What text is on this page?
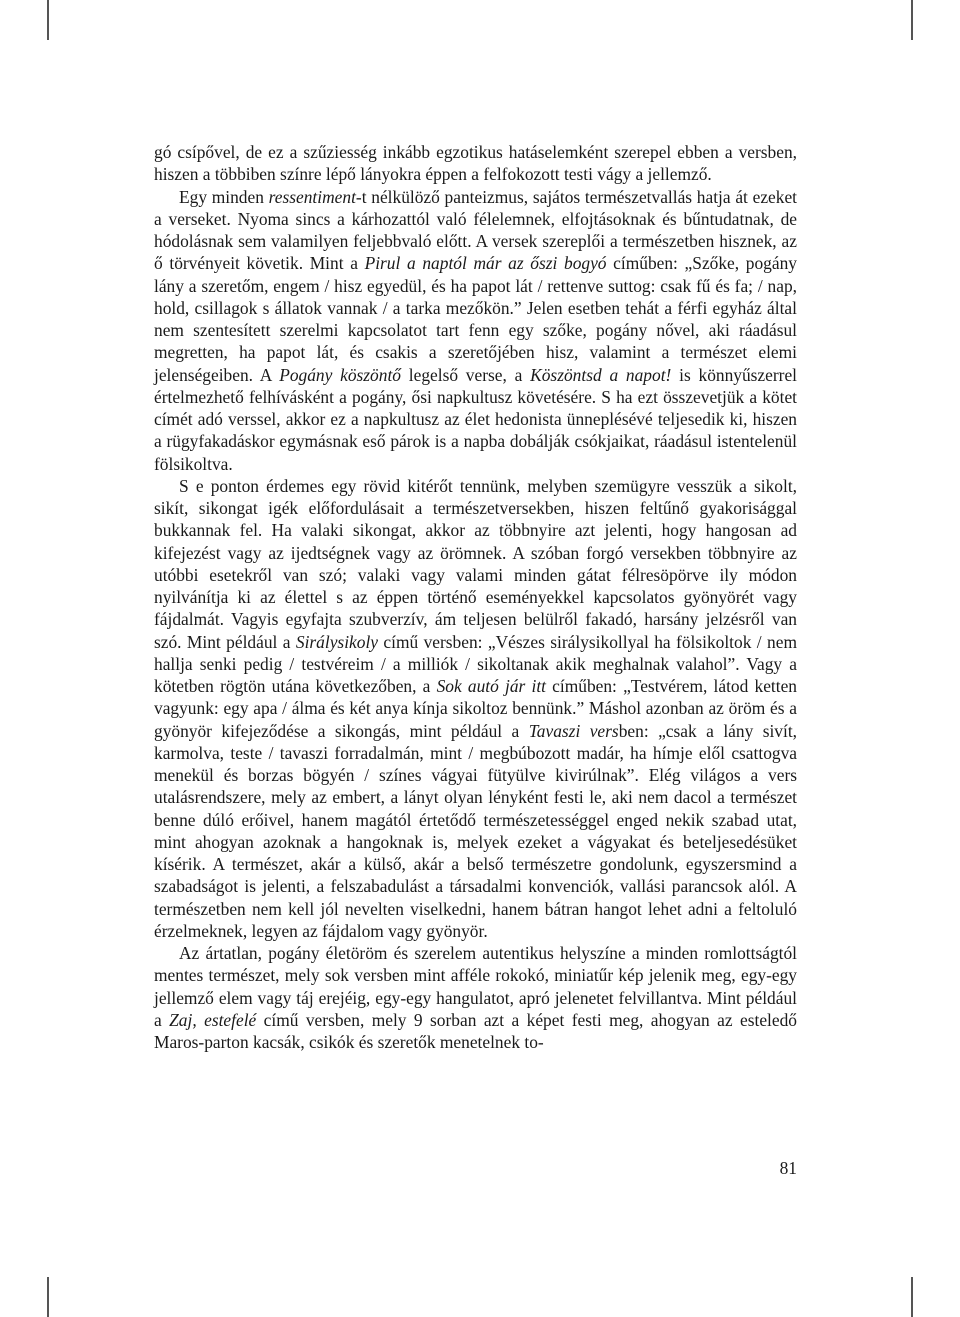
gó csípővel, de ez a szűziesség inkább egzotikus hatáselemként szerepel ebben a versben, hiszen a többiben színre lépő lányokra éppen a felfokozott testi vágy a jellemző.

Egy minden ressentiment-t nélkülöző panteizmus, sajátos természetvallás hatja át ezeket a verseket. Nyoma sincs a kárhozattól való félelemnek, elfojtásoknak és bűntudatnak, de hódolásnak sem valamilyen feljebbvaló előtt. A versek szereplői a természetben hisznek, az ő törvényeit követik. Mint a Pirul a naptól már az őszi bogyó címűben: „Szőke, pogány lány a szeretőm, engem / hisz egyedül, és ha papot lát / rettenve suttog: csak fű és fa; / nap, hold, csillagok s állatok vannak / a tarka mezőkön.” Jelen esetben tehát a férfi egyház által nem szentesített szerelmi kapcsolatot tart fenn egy szőke, pogány nővel, aki ráadásul megretten, ha papot lát, és csakis a szeretőjében hisz, valamint a természet elemi jelenségeiben. A Pogány köszöntő legelső verse, a Köszöntsd a napot! is könnyűszerrel értelmezhető felhívásként a pogány, ősi napkultusz követésére. S ha ezt összevetjük a kötet címét adó verssel, akkor ez a napkultusz az élet hedonista ünneplésévé teljesedik ki, hiszen a rügyfakadáskor egymásnak eső párok is a napba dobálják csókjaikat, ráadásul istentelenül fölsikoltva.

S e ponton érdemes egy rövid kitérőt tennünk, melyben szemügyre vesszük a sikolt, sikít, sikongat igék előfordulásait a természetversekben, hiszen feltűnő gyakorisággal bukkannak fel. Ha valaki sikongat, akkor az többnyire azt jelenti, hogy hangosan ad kifejezést vagy az ijedtségnek vagy az örömnek. A szóban forgó versekben többnyire az utóbbi esetekről van szó; valaki vagy valami minden gátat félresöpörve ily módon nyilvánítja ki az élettel s az éppen történő eseményekkel kapcsolatos gyönyörét vagy fájdalmát. Vagyis egyfajta szubverzív, ám teljesen belülről fakadó, harsány jelzésről van szó. Mint például a Sirálysikoly című versben: „Vészes sirálysikollyal ha fölsikoltok / nem hallja senki pedig / testvéreim / a milliók / sikoltanak akik meghalnak valahol”. Vagy a kötetben rögtön utána következőben, a Sok autó jár itt címűben: „Testvérem, látod ketten vagyunk: egy apa / álma és két anya kínja sikoltoz bennünk.” Máshol azonban az öröm és a gyönyör kifejeződése a sikongás, mint például a Tavaszi versben: „csak a lány sivít, karmolva, teste / tavaszi forradalmán, mint / megbúbozott madár, ha hímje elől csattogva menekül és borzas bögyén / színes vágyai fütyülve kivirúlnak”. Elég világos a vers utalásrendszere, mely az embert, a lányt olyan lényként festi le, aki nem dacol a természet benne dúló erőivel, hanem magától értetődő természetességgel enged nekik szabad utat, mint ahogyan azoknak a hangoknak is, melyek ezeket a vágyakat és beteljesedésüket kísérik. A természet, akár a külső, akár a belső természetre gondolunk, egyszersmind a szabadságot is jelenti, a felszabadulást a társadalmi konvenciók, vallási parancsok alól. A természetben nem kell jól nevelten viselkedni, hanem bátran hangot lehet adni a feltoluló érzelmeknek, legyen az fájdalom vagy gyönyör.

Az ártatlan, pogány életöröm és szerelem autentikus helyszíne a minden romlottságtól mentes természet, mely sok versben mint afféle rokokó, miniatűr kép jelenik meg, egy-egy jellemző elem vagy táj erejéig, egy-egy hangulatot, apró jelenetet felvillantva. Mint például a Zaj, estefelé című versben, mely 9 sorban azt a képet festi meg, ahogyan az esteledő Maros-parton kacsák, csikók és szeretők menetelnek to-

81
